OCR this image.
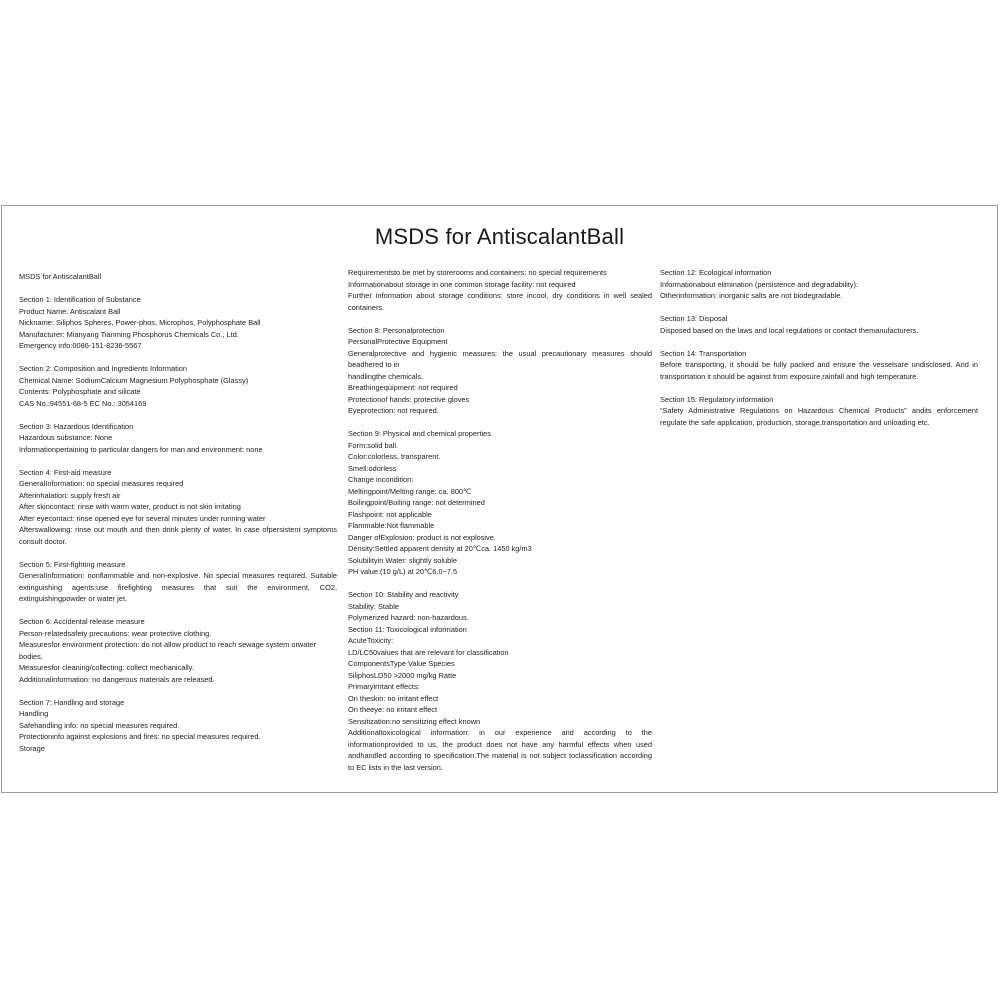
MSDS for AntiscalantBall

MSDS for AntiscalantBall

Section 1: Identification of Substance

Product Name: Antiscalant Ball

Nickname: Siliphos Spheres, Power-phos, Microphos, Polyphosphate Ball

Manufacturer: Mianyang Tianming Phosphorus Chemicals Co., Ltd.

Emergency info:0086-151-8236-5567

Section 2: Composition and Ingredients Information

Chemical Name: SodiumCalcium Magnesium Polyphosphate (Glassy)

Contents: Polyphosphate and silicate

CAS No.:94551-68-5 EC No.: 3054169

Section 3: Hazardous Identification

Hazardous substance: None

Informationpertaining to particular dangers for man and environment: none

Section 4: First-aid measure

GeneralInformation: no special measures required

Afterinhalation: supply fresh air

After skincontact: rinse with warm water, product is not skin irritating

After eyecontact: rinse opened eye for several minutes under running water

Afterswallowing: rinse out mouth and then drink plenty of water. In case ofpersistent symptoms consult doctor.

Section 5: First-fighting measure

GeneralInformation: nonflammable and non-explosive. No special measures required. Suitable extinguishing agents:use firefighting measures that suit the environment, CO2, extinguishingpowder or water jet.

Section 6: Accidental release measure

Person-relatedsafety precautions: wear protective clothing.

Measuresfor environment protection: do not allow product to reach sewage system orwater bodies.

Measuresfor cleaning/collecting: collect mechanically.

Additionalinformation: no dangerous materials are released.

Section 7: Handling and storage

Handling

Safehandling info: no special measures required.

Protectioninfo against explosions and fires: no special measures required.

Storage

Requirementsto be met by storerooms and containers: no special requirements

Informationabout storage in one common storage facility: not required

Further information about storage conditions: store incool, dry conditions in well sealed containers.

Section 8: Personalprotection

PersonalProtective Equipment

Generalprotective and hygienic measures: the usual precautionary measures should beadhered to in

handlingthe chemicals.

Breathingequipment: not required

Protectionof hands: protective gloves

Eyeprotection: not required.

Section 9: Physical and chemical properties

Form:solid ball.

Color:colorless, transparent.

Smell:odorless

Change incondition:

Meltingpoint/Melting range: ca. 800℃

Boilingpoint/Boiling range: not determined

Flashpoint: not applicable

Flammable:Not flammable

Danger ofExplosion: product is not explosive.

Density:Settled apparent density at 20℃ca. 1450 kg/m3

Solubilityin Water: slightly soluble

PH value:(10 g/L) at 20℃6.0~7.5

Section 10: Stability and reactivity

Stability: Stable

Polymerized hazard: non-hazardous.

Section 11: Toxicological information

AcuteToxicity:

LD/LC50values that are relevant for classification

ComponentsType Value Species

SiliphosLD50 >2000 mg/kg Ratte

Primaryirritant effects:

On theskin: no irritant effect

On theeye: no irritant effect

Sensitization:no sensitizing effect known

Additionaltoxicological information: in our experience and according to the informationprovided to us, the product does not have any harmful effects when used andhandled according to specification.The material is not subject toclassification according to EC lists in the last version.

Section 12: Ecological information

Informationabout elimination (persistence and degradability):

Otherinformation: inorganic salts are not biodegradable.

Section 13: Disposal

Disposed based on the laws and local regulations or contact themanufacturers.

Section 14: Transportation

Before transporting, it should be fully packed and ensure the vesselsare undisclosed. And in transportation it should be against from exposure,rainfall and high temperature.

Section 15: Regulatory information

“Safety Administrative Regulations on Hazardous Chemical Products” andits enforcement regulate the safe application, production, storage,transportation and unloading etc.
